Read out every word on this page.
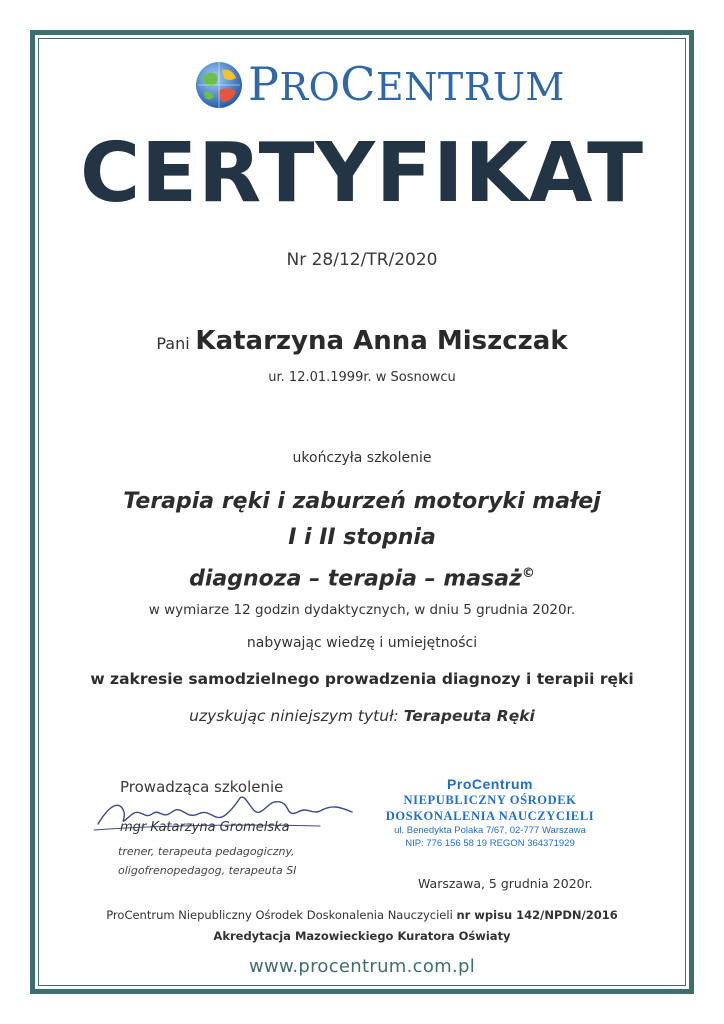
PROCENTRUM
CERTYFIKAT
Nr 28/12/TR/2020
Pani Katarzyna Anna Miszczak
ur. 12.01.1999r. w Sosnowcu
ukończyła szkolenie
Terapia ręki i zaburzeń motoryki małej
I i II stopnia
diagnoza – terapia – masaż©
w wymiarze 12 godzin dydaktycznych, w dniu 5 grudnia 2020r.
nabywając wiedzę i umiejętności
w zakresie samodzielnego prowadzenia diagnozy i terapii ręki
uzyskując niniejszym tytuł: Terapeuta Ręki
Prowadząca szkolenie
mgr Katarzyna Gromelska
trener, terapeuta pedagogiczny,
oligofrenopedagog, terapeuta SI
ProCentrum
NIEPUBLICZNY OŚRODEK
DOSKONALENIA NAUCZYCIELI
ul. Benedykta Polaka 7/67, 02-777 Warszawa
NIP: 776 156 58 19 REGON 364371929
Warszawa, 5 grudnia 2020r.
ProCentrum Niepubliczny Ośrodek Doskonalenia Nauczycieli nr wpisu 142/NPDN/2016
Akredytacja Mazowieckiego Kuratora Oświaty
www.procentrum.com.pl
